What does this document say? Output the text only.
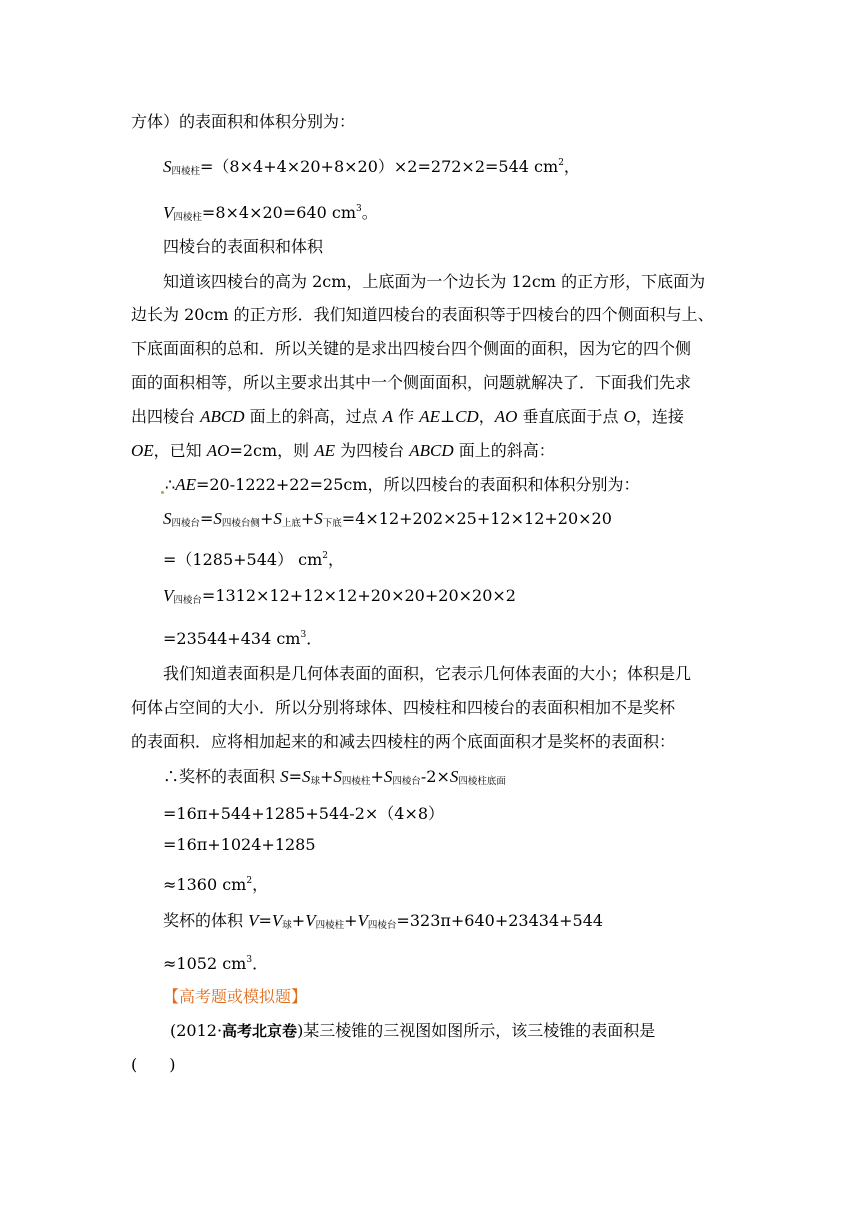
方体）的表面积和体积分别为：
$S_{四棱柱}=(8\times 4+4\times 20+8\times 20)\times 2=272\times 2=544$ $cm^2$，
$V_{四棱柱}=8\times 4\times 20=640$ $cm^3$。
四棱台的表面积和体积
知道该四棱台的高为 2cm，上底面为一个边长为 12cm 的正方形，下底面为
边长为 20cm 的正方形．我们知道四棱台的表面积等于四棱台的四个侧面积与上、
下底面面积的总和．所以关键的是求出四棱台四个侧面的面积，因为它的四个侧
面的面积相等，所以主要求出其中一个侧面面积，问题就解决了．下面我们先求
出四棱台 ABCD 面上的斜高，过点 A 作 AE⊥CD，AO 垂直底面于点 O，连接
OE，已知 AO=2cm，则 AE 为四棱台 ABCD 面上的斜高：
∴AE=20-1222+22=25cm，所以四棱台的表面积和体积分别为：
$S_{四棱台}=S_{四棱台侧}+S_{上底}+S_{下底}=4\times 12+202\times 25+12\times 12+20\times 20$
=（1285+544） $cm^2$，
$V_{四棱台}=1312\times 12+12\times 12+20\times 20+20\times 20\times 2$
=23544+434 $cm^3$．
我们知道表面积是几何体表面的面积，它表示几何体表面的大小；体积是几
何体占空间的大小．所以分别将球体、四棱柱和四棱台的表面积相加不是奖杯
的表面积．应将相加起来的和减去四棱柱的两个底面面积才是奖杯的表面积：
∴奖杯的表面积 $S=S_球+S_{四棱柱}+S_{四棱台}-2\times S_{四棱柱底面}$
=16π+544+1285+544-2×（4×8）
=16π+1024+1285
≈1360 $cm^2$，
奖杯的体积 $V=V_球+V_{四棱柱}+V_{四棱台}=323\pi+640+23434+544$
≈1052 $cm^3$．
【高考题或模拟题】
(2012·高考北京卷)某三棱锥的三视图如图所示，该三棱锥的表面积是
(　　)
